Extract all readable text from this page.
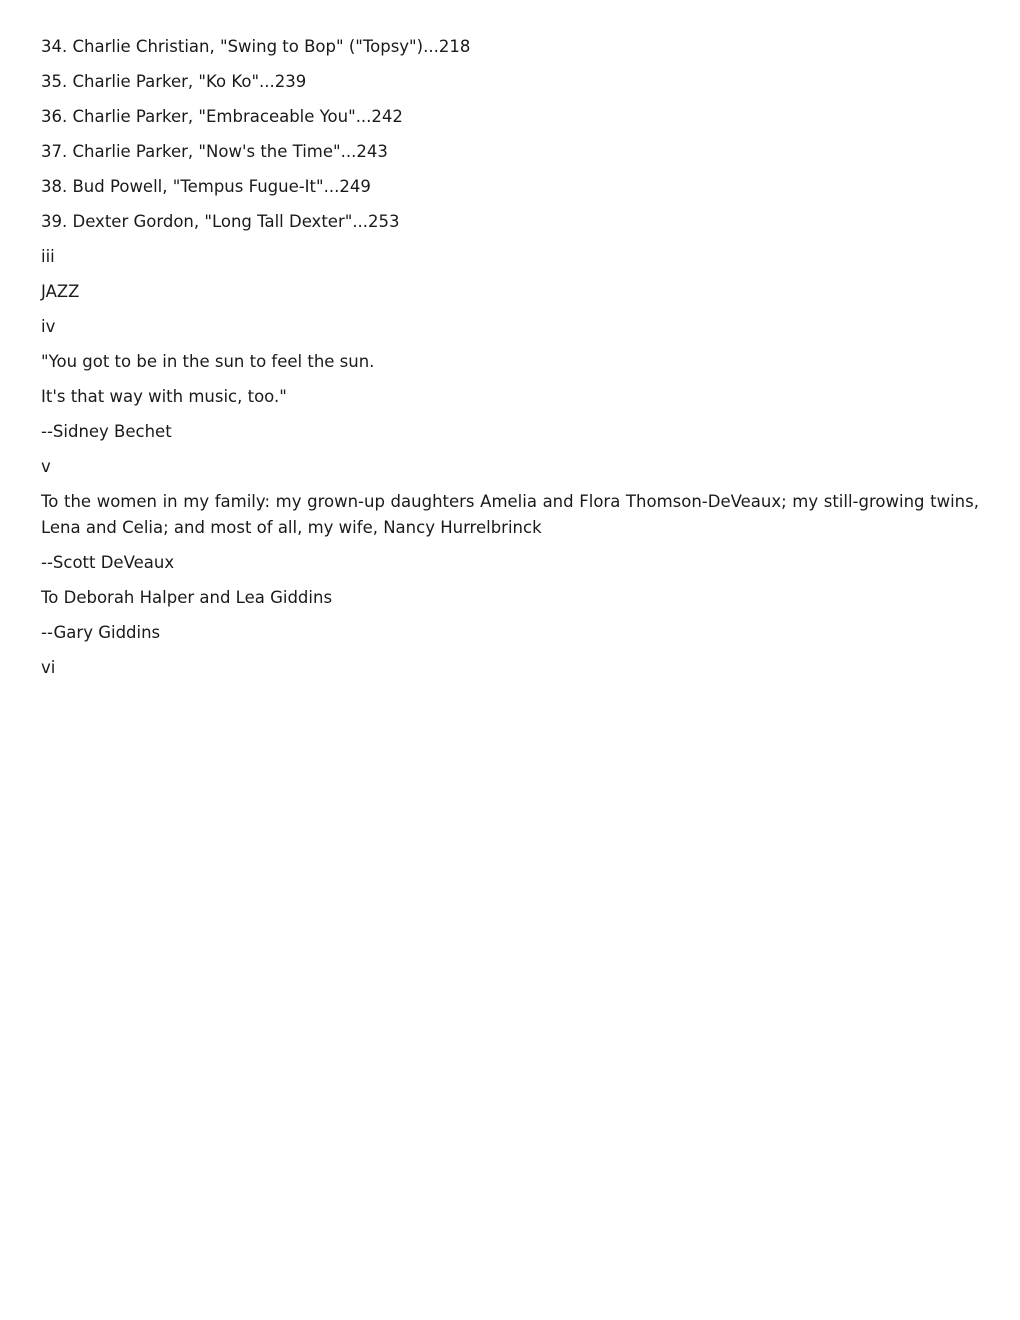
34. Charlie Christian, "Swing to Bop" ("Topsy")...218

35. Charlie Parker, "Ko Ko"...239

36. Charlie Parker, "Embraceable You"...242

37. Charlie Parker, "Now's the Time"...243

38. Bud Powell, "Tempus Fugue-It"...249

39. Dexter Gordon, "Long Tall Dexter"...253

iii

JAZZ

iv

"You got to be in the sun to feel the sun.

It's that way with music, too."

--Sidney Bechet

v

To the women in my family: my grown-up daughters Amelia and Flora Thomson-DeVeaux; my still-growing twins, Lena and Celia; and most of all, my wife, Nancy Hurrelbrinck

--Scott DeVeaux

To Deborah Halper and Lea Giddins

--Gary Giddins

vi
